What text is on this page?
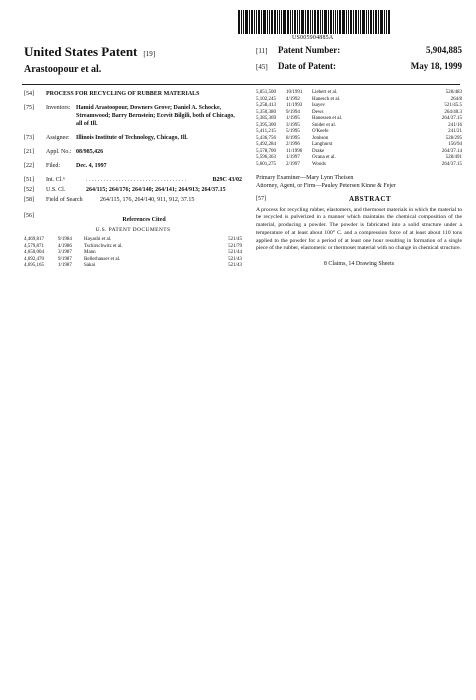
US005904885A
United States Patent [19]
Arastoopour et al.
[11]	Patent Number:	5,904,885
[45]	Date of Patent:	May 18, 1999
[54]	PROCESS FOR RECYCLING OF RUBBER MATERIALS
[75]	Inventors: Hamid Arastoopour, Downers Grove; Daniel A. Schocke, Streamwood; Barry Bernstein; Ecevit Bilgili, both of Chicago, all of Ill.
[73]	Assignee:	Illinois Institute of Technology, Chicago, Ill.
[21]	Appl. No.: 08/985,426
[22]	Filed:	Dec. 4, 1997
[51]	Int. Cl.⁶	. . . . . . . . . . . . . . . . . . . . . . . . . . . . . . . . . .	B29C 43/02
[52]	U.S. Cl.	264/115; 264/176; 264/140; 264/141; 264/913; 264/37.15
[58]	Field of Search	264/115, 176, 264/140, 911, 912, 37.15
[56]
References Cited
U.S. PATENT DOCUMENTS
4,469,817	9/1984	Hayashi et al.	521/45
4,579,871	4/1986	Tschirschwitz et al.	521/79
4,650,004	3/1987	Mann	521/44
4,692,470	9/1987	Bellerhauser et al.	521/43
4,695,165	1/1987	Sakai	521/43
5,051,500	10/1991	Liebert et al.	528/483
5,102,245	4/1992	Hanesch et al.	264/8
5,258,413	11/1993	Isayev	521/45.5
5,350,380	9/1994	Dews	264/40.3
5,385,369	1/1995	Hanessen et al.	264/37.15
5,395,300	3/1995	Snider et al.	241/16
5,411,215	5/1995	O'Keefe	241/21
5,436,756	8/1995	Jonhson	528/295
5,492,284	2/1996	Langhurst	156/94
5,578,700	11/1996	Drake	264/37.14
5,596,363	1/1997	Ocana et al.	528/491
5,601,275	2/1997	Woods	264/37.15
Primary Examiner—Mary Lynn Theisen
Attorney, Agent, or Firm—Pauley Petersen Kinne & Fejer
[57]	ABSTRACT
A process for recycling rubber, elastomers, and thermoset materials in which the material to be recycled is pulverized in a manner which maintains the chemical composition of the material, producing a powder. The powder is fabricated into a solid structure under a temperature of at least about 100° C. and a compression force of at least about 110 tons applied to the powder for a period of at least one hour resulting in formation of a single piece of the rubber, elastomeric or thermoset material with no change in chemical structure.
8 Claims, 14 Drawing Sheets
